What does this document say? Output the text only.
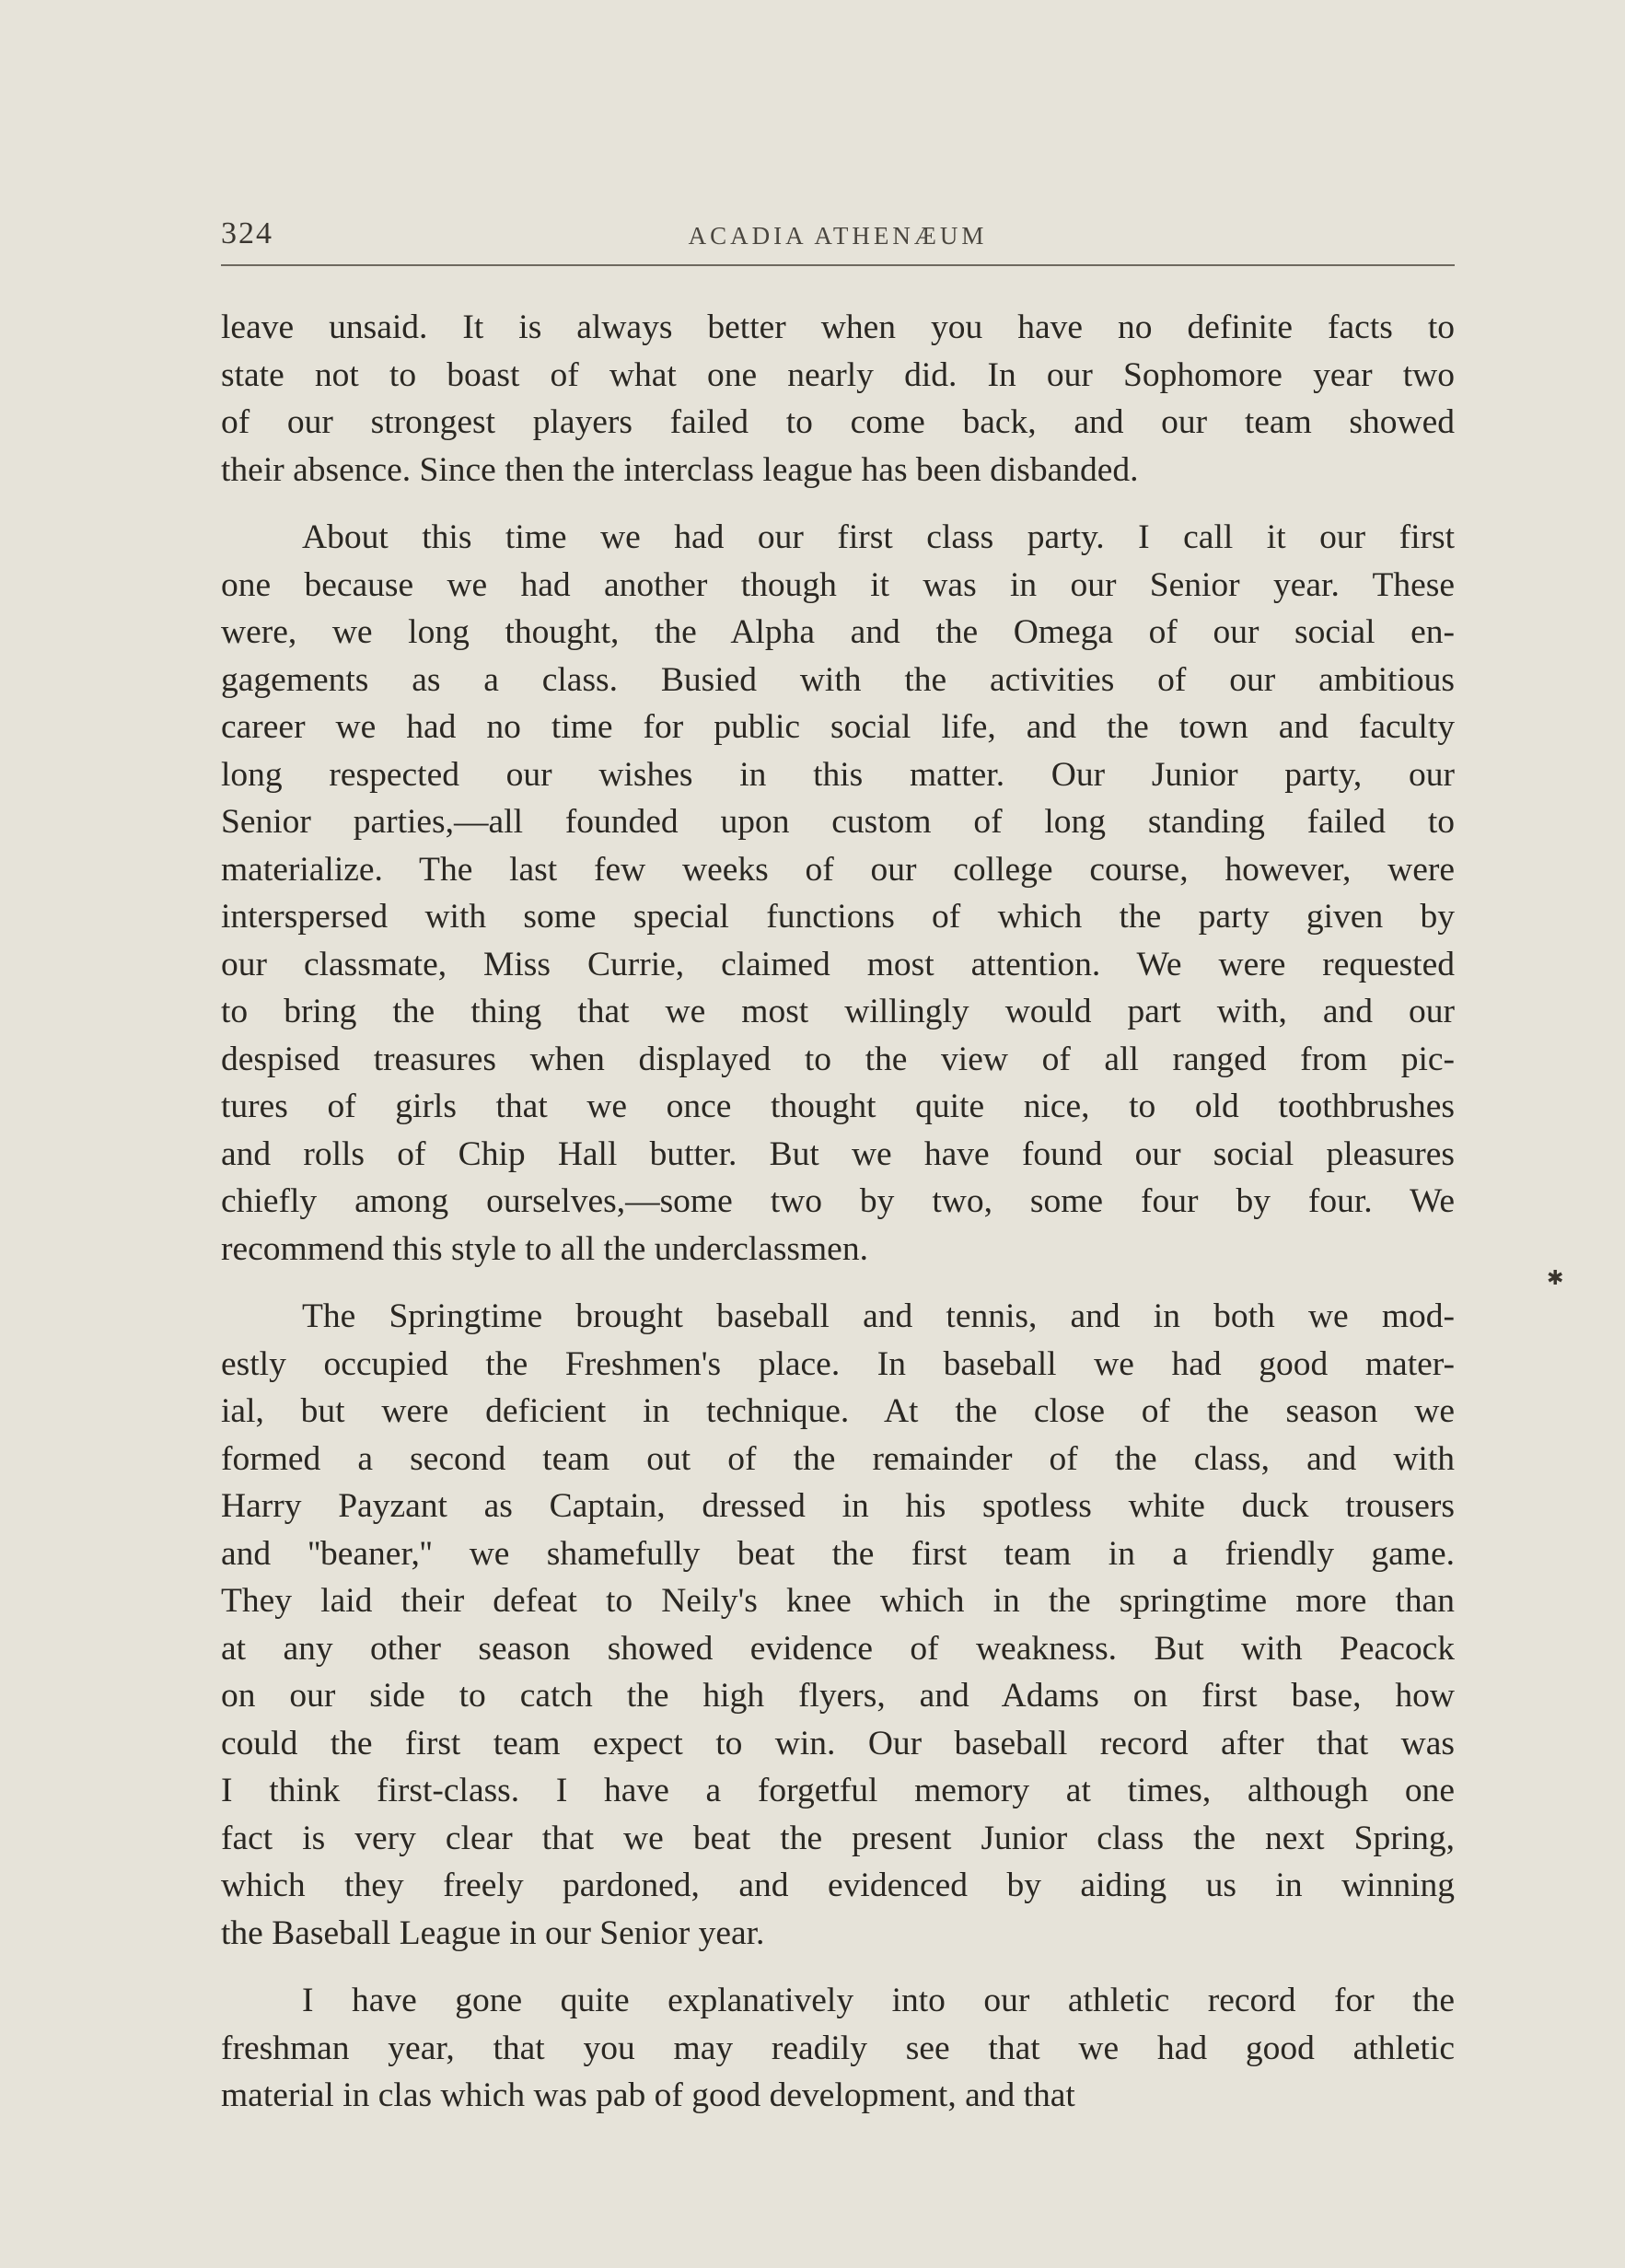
324	ACADIA ATHENÆUM
leave unsaid. It is always better when you have no definite facts to
state not to boast of what one nearly did. In our Sophomore year two
of our strongest players failed to come back, and our team showed
their absence. Since then the interclass league has been disbanded.
About this time we had our first class party. I call it our first
one because we had another though it was in our Senior year. These
were, we long thought, the Alpha and the Omega of our social en-
gagements as a class. Busied with the activities of our ambitious
career we had no time for public social life, and the town and faculty
long respected our wishes in this matter. Our Junior party, our
Senior parties,—all founded upon custom of long standing failed to
materialize. The last few weeks of our college course, however, were
interspersed with some special functions of which the party given by
our classmate, Miss Currie, claimed most attention. We were requested
to bring the thing that we most willingly would part with, and our
despised treasures when displayed to the view of all ranged from pic-
tures of girls that we once thought quite nice, to old toothbrushes
and rolls of Chip Hall butter. But we have found our social pleasures
chiefly among ourselves,—some two by two, some four by four. We
recommend this style to all the underclassmen.
The Springtime brought baseball and tennis, and in both we mod-
estly occupied the Freshmen's place. In baseball we had good mater-
ial, but were deficient in technique. At the close of the season we
formed a second team out of the remainder of the class, and with
Harry Payzant as Captain, dressed in his spotless white duck trousers
and ''beaner,'' we shamefully beat the first team in a friendly game.
They laid their defeat to Neily's knee which in the springtime more than
at any other season showed evidence of weakness. But with Peacock
on our side to catch the high flyers, and Adams on first base, how
could the first team expect to win. Our baseball record after that was
I think first-class. I have a forgetful memory at times, although one
fact is very clear that we beat the present Junior class the next Spring,
which they freely pardoned, and evidenced by aiding us in winning
the Baseball League in our Senior year.
I have gone quite explanatively into our athletic record for the
freshman year, that you may readily see that we had good athletic
material in clas which was pab of good development, and that
✱
